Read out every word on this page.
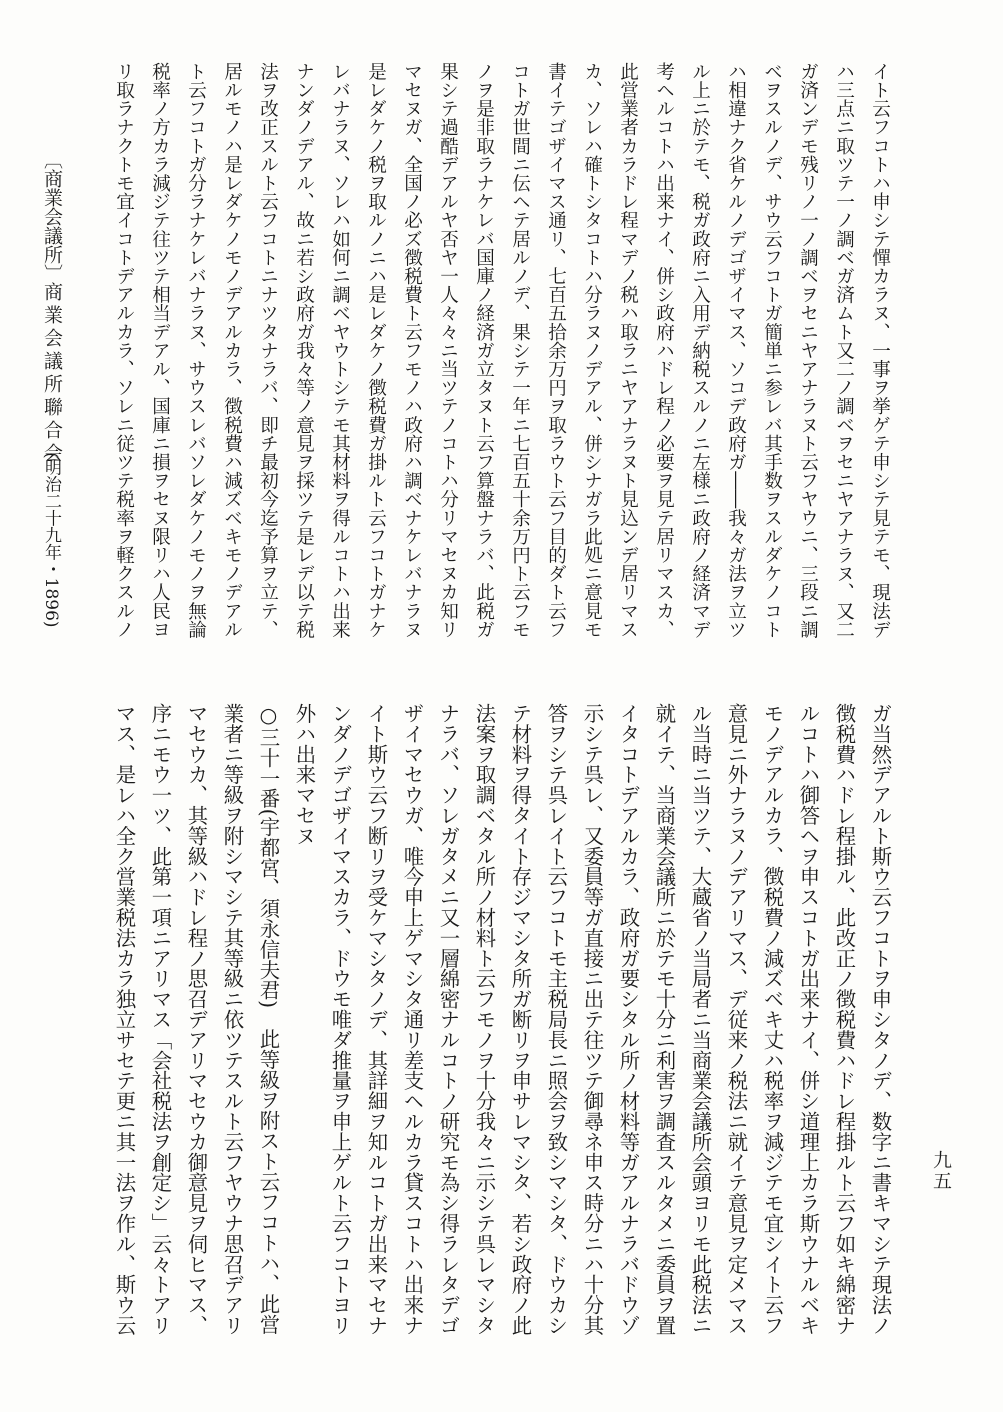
〔商業会議所〕
商業会議所聯合会
(明治二十九年・1896)	イト云フコトハ申シテ憚カラヌ、一事ヲ挙ゲテ申シテ見テモ、現法デ

ハ三点ニ取ツテ一ノ調ベガ済ムト又二ノ調ベヲセニヤアナラヌ、又二

ガ済ンデモ残リノ一ノ調ベヲセニヤアナラヌト云フヤウニ、三段ニ調

ベヲスルノデ、サウ云フコトガ簡単ニ参レバ其手数ヲスルダケノコト

ハ相違ナク省ケルノデゴザイマス、ソコデ政府ガ――我々ガ法ヲ立ツ

ル上ニ於テモ、税ガ政府ニ入用デ納税スルノニ左様ニ政府ノ経済マデ

考ヘルコトハ出来ナイ、併シ政府ハドレ程ノ必要ヲ見テ居リマスカ、

此営業者カラドレ程マデノ税ハ取ラニヤアナラヌト見込ンデ居リマス

カ、ソレハ確トシタコトハ分ラヌノデアル、併シナガラ此処ニ意見モ

書イテゴザイマス通リ、七百五拾余万円ヲ取ラウト云フ目的ダト云フ

コトガ世間ニ伝ヘテ居ルノデ、果シテ一年ニ七百五十余万円ト云フモ

ノヲ是非取ラナケレバ国庫ノ経済ガ立タヌト云フ算盤ナラバ、此税ガ

果シテ過酷デアルヤ否ヤ一人々々ニ当ツテノコトハ分リマセヌカ知リ

マセヌガ、全国ノ必ズ徴税費ト云フモノハ政府ハ調ベナケレバナラヌ

是レダケノ税ヲ取ルノニハ是レダケノ徴税費ガ掛ルト云フコトガナケ

レバナラヌ、ソレハ如何ニ調ベヤウトシテモ其材料ヲ得ルコトハ出来

ナンダノデアル、故ニ若シ政府ガ我々等ノ意見ヲ採ツテ是レデ以テ税

法ヲ改正スルト云フコトニナツタナラバ、即チ最初今迄予算ヲ立テ、

居ルモノハ是レダケノモノデアルカラ、徴税費ハ減ズベキモノデアル

ト云フコトガ分ラナケレバナラヌ、サウスレバソレダケノモノヲ無論

税率ノ方カラ減ジテ往ツテ相当デアル、国庫ニ損ヲセヌ限リハ人民ヨ

リ取ラナクトモ宜イコトデアルカラ、ソレニ従ツテ税率ヲ軽クスルノ

ガ当然デアルト斯ウ云フコトヲ申シタノデ、数字ニ書キマシテ現法ノ

徴税費ハドレ程掛ル、此改正ノ徴税費ハドレ程掛ルト云フ如キ綿密ナ

ルコトハ御答ヘヲ申スコトガ出来ナイ、併シ道理上カラ斯ウナルベキ

モノデアルカラ、徴税費ノ減ズベキ丈ハ税率ヲ減ジテモ宜シイト云フ

意見ニ外ナラヌノデアリマス、デ従来ノ税法ニ就イテ意見ヲ定メマス

ル当時ニ当ツテ、大蔵省ノ当局者ニ当商業会議所会頭ヨリモ此税法ニ

就イテ、当商業会議所ニ於テモ十分ニ利害ヲ調査スルタメニ委員ヲ置

イタコトデアルカラ、政府ガ要シタル所ノ材料等ガアルナラバドウゾ

示シテ呉レ、又委員等ガ直接ニ出テ往ツテ御尋ネ申ス時分ニハ十分其

答ヲシテ呉レイト云フコトモ主税局長ニ照会ヲ致シマシタ、ドウカシ

テ材料ヲ得タイト存ジマシタ所ガ断リヲ申サレマシタ、若シ政府ノ此

法案ヲ取調ベタル所ノ材料ト云フモノヲ十分我々ニ示シテ呉レマシタ

ナラバ、ソレガタメニ又一層綿密ナルコトノ研究モ為シ得ラレタデゴ

ザイマセウガ、唯今申上ゲマシタ通リ差支ヘルカラ貸スコトハ出来ナ

イト斯ウ云フ断リヲ受ケマシタノデ、其詳細ヲ知ルコトガ出来マセナ

ンダノデゴザイマスカラ、ドウモ唯ダ推量ヲ申上ゲルト云フコトヨリ

外ハ出来マセヌ

○三十一番(宇都宮、須永信夫君)　此等級ヲ附スト云フコトハ、此営

業者ニ等級ヲ附シマシテ其等級ニ依ツテスルト云フヤウナ思召デアリ

マセウカ、其等級ハドレ程ノ思召デアリマセウカ御意見ヲ伺ヒマス、

序ニモウ一ツ、此第一項ニアリマス「会社税法ヲ創定シ」云々トアリ

マス、是レハ全ク営業税法カラ独立サセテ更ニ其一法ヲ作ル、斯ウ云	九五
